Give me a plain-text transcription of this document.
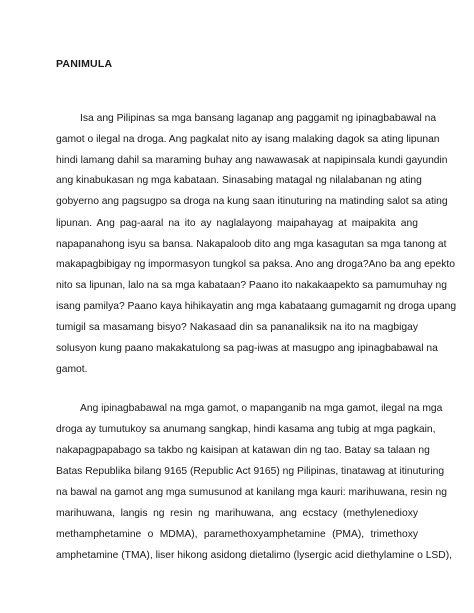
PANIMULA
Isa ang Pilipinas sa mga bansang laganap ang paggamit ng ipinagbabawal na
gamot o ilegal na droga. Ang pagkalat nito ay isang malaking dagok sa ating lipunan
hindi lamang dahil sa maraming buhay ang nawawasak at napipinsala kundi gayundin
ang kinabukasan ng mga kabataan. Sinasabing matagal ng nilalabanan ng ating
gobyerno ang pagsugpo sa droga na kung saan itinuturing na matinding salot sa ating
lipunan. Ang pag-aaral na ito ay naglalayong maipahayag at maipakita ang
napapanahong isyu sa bansa. Nakapaloob dito ang mga kasagutan sa mga tanong at
makapagbibigay ng impormasyon tungkol sa paksa. Ano ang droga?Ano ba ang epekto
nito sa lipunan, lalo na sa mga kabataan? Paano ito nakakaapekto sa pamumuhay ng
isang pamilya? Paano kaya hihikayatin ang mga kabataang gumagamit ng droga upang
tumigil sa masamang bisyo? Nakasaad din sa pananaliksik na ito na magbigay
solusyon kung paano makakatulong sa pag-iwas at masugpo ang ipinagbabawal na
gamot.
Ang ipinagbabawal na mga gamot, o mapanganib na mga gamot, ilegal na mga
droga ay tumutukoy sa anumang sangkap, hindi kasama ang tubig at mga pagkain,
nakapagpapabago sa takbo ng kaisipan at katawan din ng tao. Batay sa talaan ng
Batas Republika bilang 9165 (Republic Act 9165) ng Pilipinas, tinatawag at itinuturing
na bawal na gamot ang mga sumusunod at kanilang mga kauri: marihuwana, resin ng
marihuwana, langis ng resin ng marihuwana, ang ecstacy (methylenedioxy
methamphetamine o MDMA), paramethoxyamphetamine (PMA), trimethoxy
amphetamine (TMA), liser hikong asidong dietalimo (lysergic acid diethylamine o LSD),
